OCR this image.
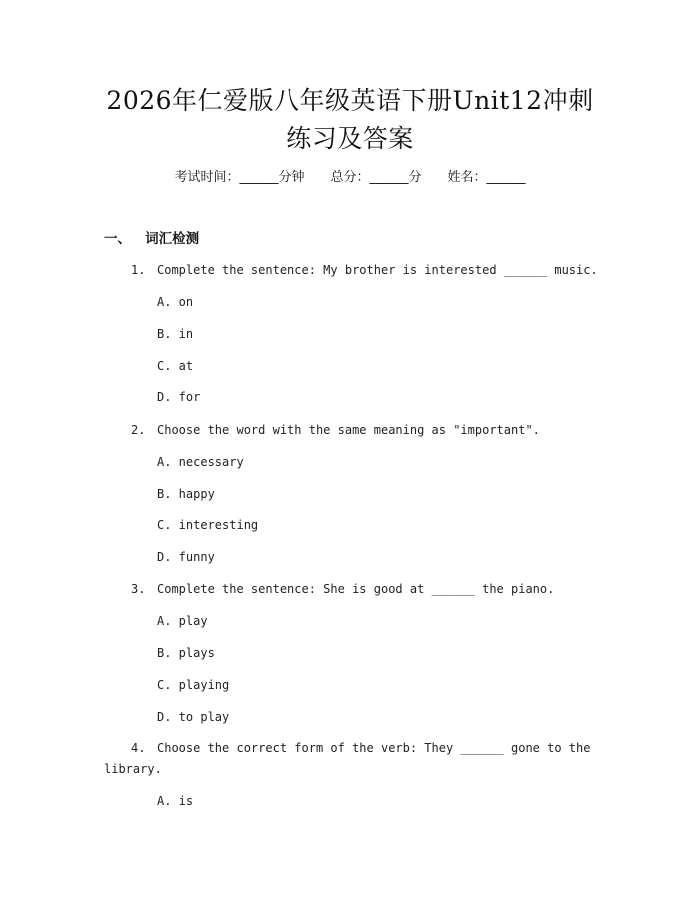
2026年仁爱版八年级英语下册Unit12冲刺
练习及答案
考试时间：______分钟 总分：______分 姓名：______
一、 词汇检测

1.

Complete the sentence: My brother is interested ______ music.

A. on

B. in

C. at

D. for

2.

Choose the word with the same meaning as "important".

A. necessary

B. happy

C. interesting

D. funny

3.

Complete the sentence: She is good at ______ the piano.

A. play

B. plays

C. playing

D. to play

4.

Choose the correct form of the verb: They ______ gone to the

library.

A. is
